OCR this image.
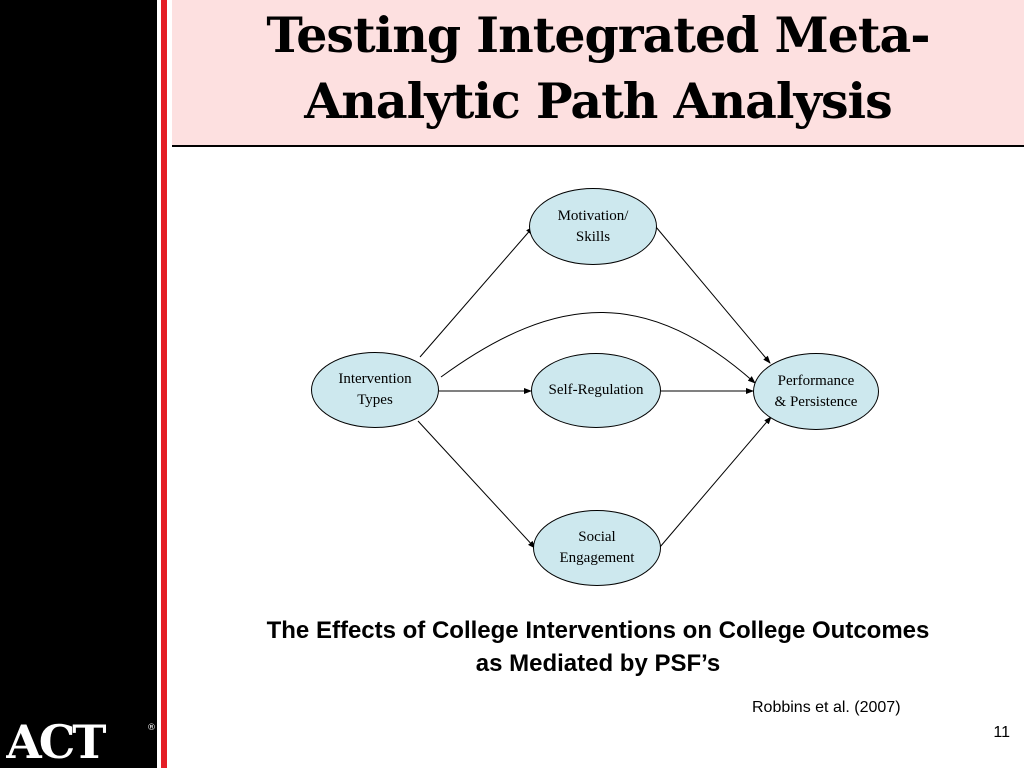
Testing Integrated Meta-
Analytic Path Analysis
Motivation/
Skills
Intervention
Types
Self-Regulation
Performance
& Persistence
Social
Engagement
The Effects of College Interventions on College Outcomes
as Mediated by PSF’s
Robbins et al. (2007)
11
ACT	®
